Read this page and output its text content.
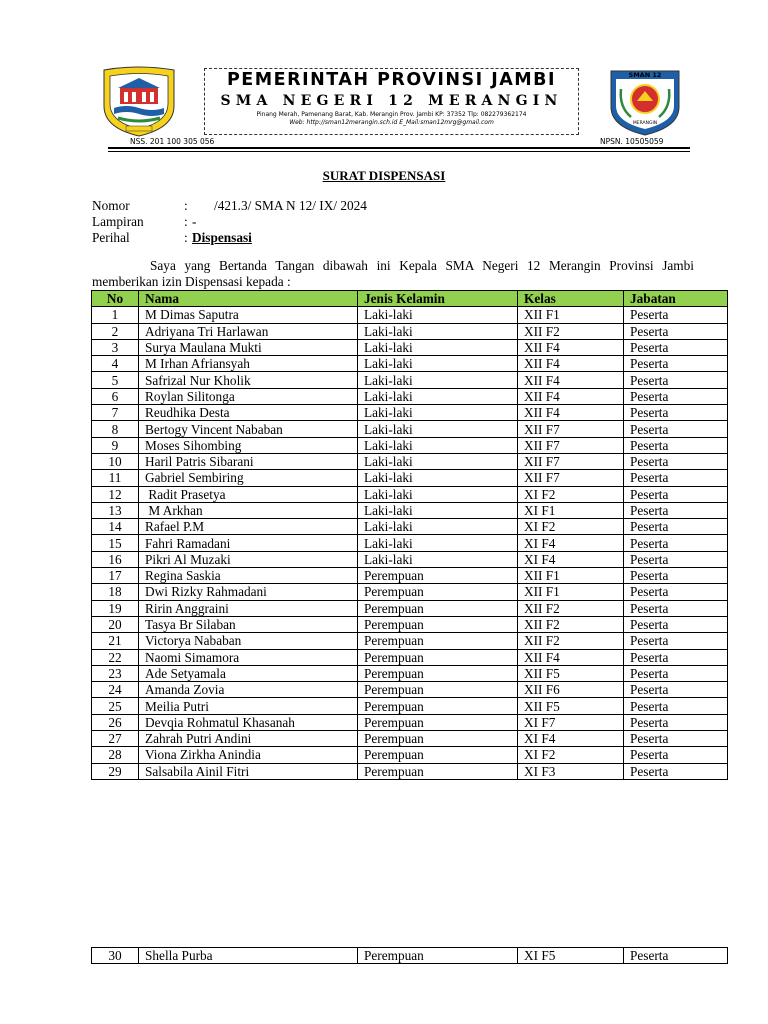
PEMERINTAH PROVINSI JAMBI
SMA NEGERI 12 MERANGIN
Pinang Merah, Pamenang Barat, Kab. Merangin Prov. Jambi KP: 37352 Tlp: 082279362174
Web: http://sman12merangin.sch.id E_Mail:sman12mrg@gmail.com
SMAN 12
MERANGIN
NSS. 201 100 305 056	NPSN. 10505059
SURAT DISPENSASI
Nomor	: /421.3/ SMA N 12/ IX/ 2024
Lampiran	: -
Perihal	: Dispensasi
Saya yang Bertanda Tangan dibawah ini Kepala SMA Negeri 12 Merangin Provinsi Jambi memberikan izin Dispensasi kepada :
No	Nama	Jenis Kelamin	Kelas	Jabatan
1	M Dimas Saputra	Laki-laki	XII F1	Peserta
2	Adriyana Tri Harlawan	Laki-laki	XII F2	Peserta
3	Surya Maulana Mukti	Laki-laki	XII F4	Peserta
4	M Irhan Afriansyah	Laki-laki	XII F4	Peserta
5	Safrizal Nur Kholik	Laki-laki	XII F4	Peserta
6	Roylan Silitonga	Laki-laki	XII F4	Peserta
7	Reudhika Desta	Laki-laki	XII F4	Peserta
8	Bertogy Vincent Nababan	Laki-laki	XII F7	Peserta
9	Moses Sihombing	Laki-laki	XII F7	Peserta
10	Haril Patris Sibarani	Laki-laki	XII F7	Peserta
11	Gabriel Sembiring	Laki-laki	XII F7	Peserta
12	Radit Prasetya	Laki-laki	XI F2	Peserta
13	M Arkhan	Laki-laki	XI F1	Peserta
14	Rafael P.M	Laki-laki	XI F2	Peserta
15	Fahri Ramadani	Laki-laki	XI F4	Peserta
16	Pikri Al Muzaki	Laki-laki	XI F4	Peserta
17	Regina Saskia	Perempuan	XII F1	Peserta
18	Dwi Rizky Rahmadani	Perempuan	XII F1	Peserta
19	Ririn Anggraini	Perempuan	XII F2	Peserta
20	Tasya Br Silaban	Perempuan	XII F2	Peserta
21	Victorya Nababan	Perempuan	XII F2	Peserta
22	Naomi Simamora	Perempuan	XII F4	Peserta
23	Ade Setyamala	Perempuan	XII F5	Peserta
24	Amanda Zovia	Perempuan	XII F6	Peserta
25	Meilia Putri	Perempuan	XII F5	Peserta
26	Devqia Rohmatul Khasanah	Perempuan	XI F7	Peserta
27	Zahrah Putri Andini	Perempuan	XI F4	Peserta
28	Viona Zirkha Anindia	Perempuan	XI F2	Peserta
29	Salsabila Ainil Fitri	Perempuan	XI F3	Peserta
30	Shella Purba	Perempuan	XI F5	Peserta
